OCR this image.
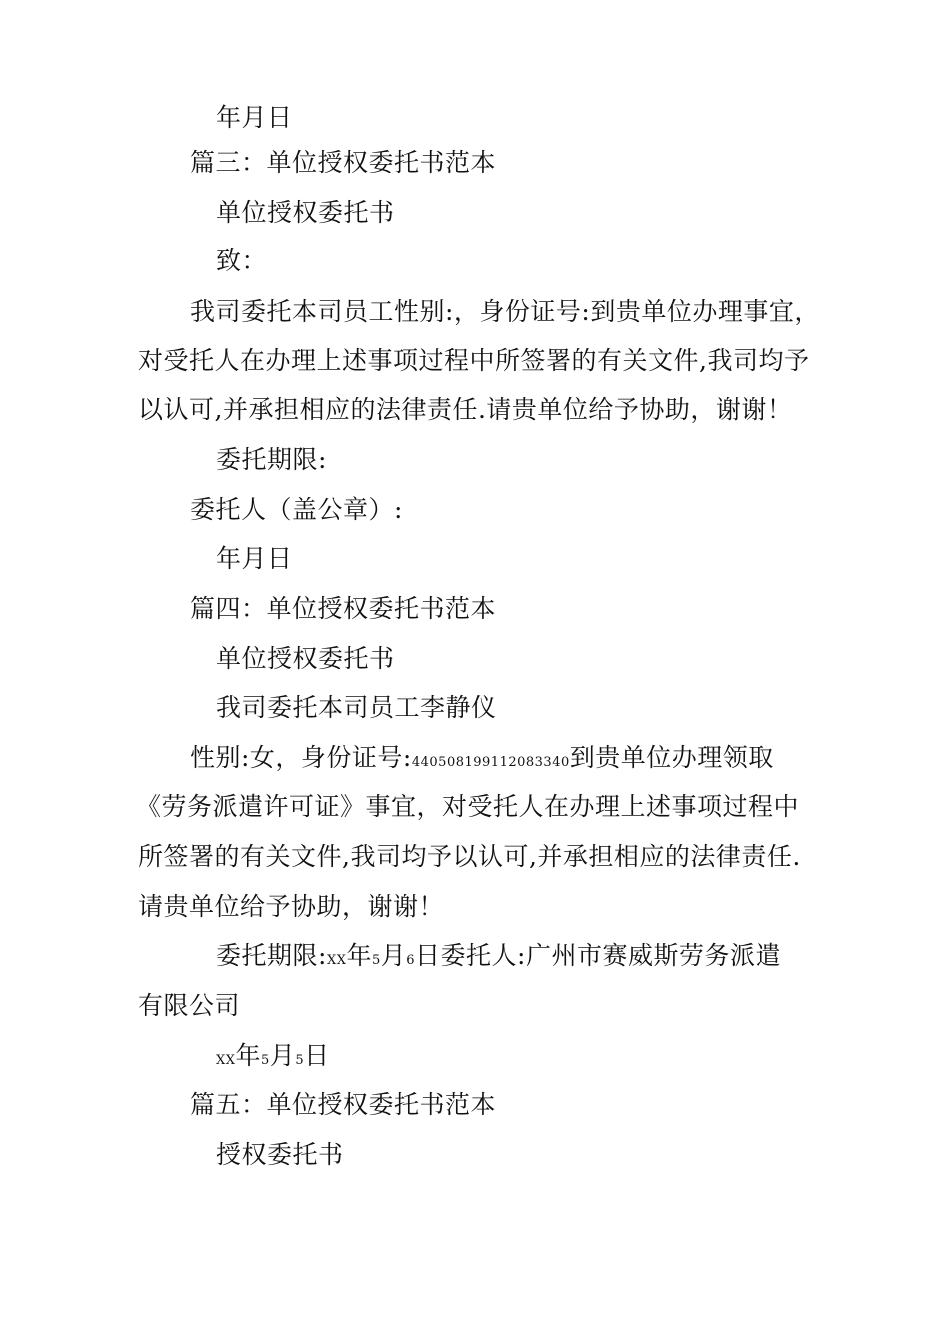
年月日
篇三：单位授权委托书范本
单位授权委托书
致：
我司委托本司员工性别:，身份证号:到贵单位办理事宜，
对受托人在办理上述事项过程中所签署的有关文件,我司均予
以认可,并承担相应的法律责任.请贵单位给予协助，谢谢！
委托期限:
委托人（盖公章）:
年月日
篇四：单位授权委托书范本
单位授权委托书
我司委托本司员工李静仪
性别:女，身份证号:440508199112083340到贵单位办理领取
《劳务派遣许可证》事宜，对受托人在办理上述事项过程中
所签署的有关文件,我司均予以认可,并承担相应的法律责任.
请贵单位给予协助，谢谢！
委托期限:XX年5月6日委托人:广州市赛威斯劳务派遣
有限公司
XX年5月5日
篇五：单位授权委托书范本
授权委托书
